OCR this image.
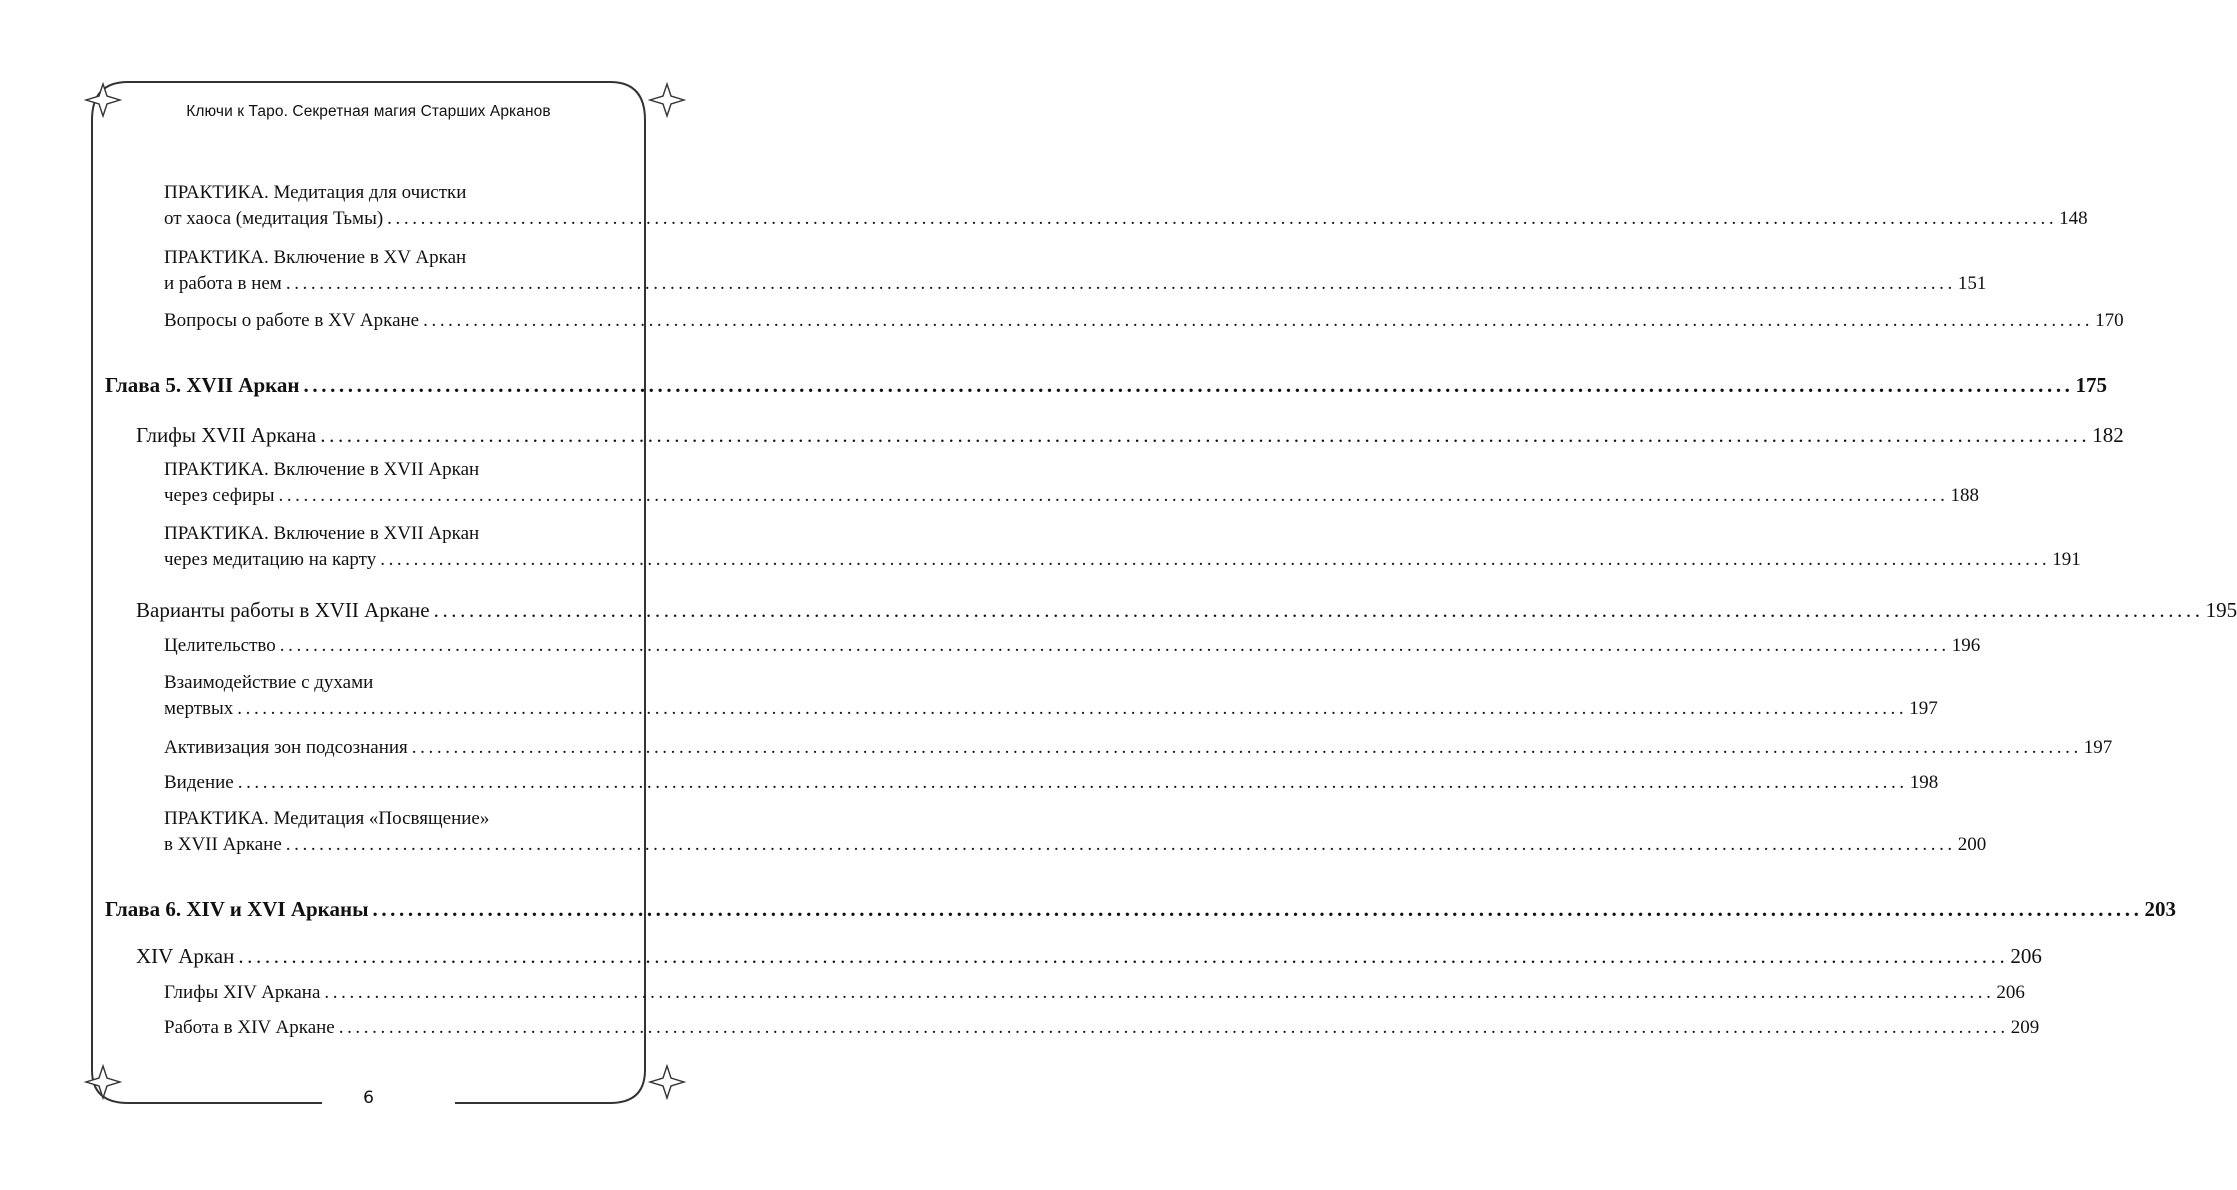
Ключи к Таро. Секретная магия Старших Арканов
ПРАКТИКА. Медитация для очистки
от хаоса (медитация Тьмы) ........................................................................................................................................................................................................ 148
ПРАКТИКА. Включение в XV Аркан
и работа в нем ........................................................................................................................................................................................................ 151
Вопросы о работе в XV Аркане ........................................................................................................................................................................................................ 170
Глава 5. XVII Аркан ........................................................................................................................................................................................................ 175
Глифы XVII Аркана ........................................................................................................................................................................................................ 182
ПРАКТИКА. Включение в XVII Аркан
через сефиры ........................................................................................................................................................................................................ 188
ПРАКТИКА. Включение в XVII Аркан
через медитацию на карту ........................................................................................................................................................................................................ 191
Варианты работы в XVII Аркане ........................................................................................................................................................................................................ 195
Целительство ........................................................................................................................................................................................................ 196
Взаимодействие с духами
мертвых ........................................................................................................................................................................................................ 197
Активизация зон подсознания ........................................................................................................................................................................................................ 197
Видение ........................................................................................................................................................................................................ 198
ПРАКТИКА. Медитация «Посвящение»
в XVII Аркане ........................................................................................................................................................................................................ 200
Глава 6. XIV и XVI Арканы ........................................................................................................................................................................................................ 203
XIV Аркан ........................................................................................................................................................................................................ 206
Глифы XIV Аркана ........................................................................................................................................................................................................ 206
Работа в XIV Аркане ........................................................................................................................................................................................................ 209
6
